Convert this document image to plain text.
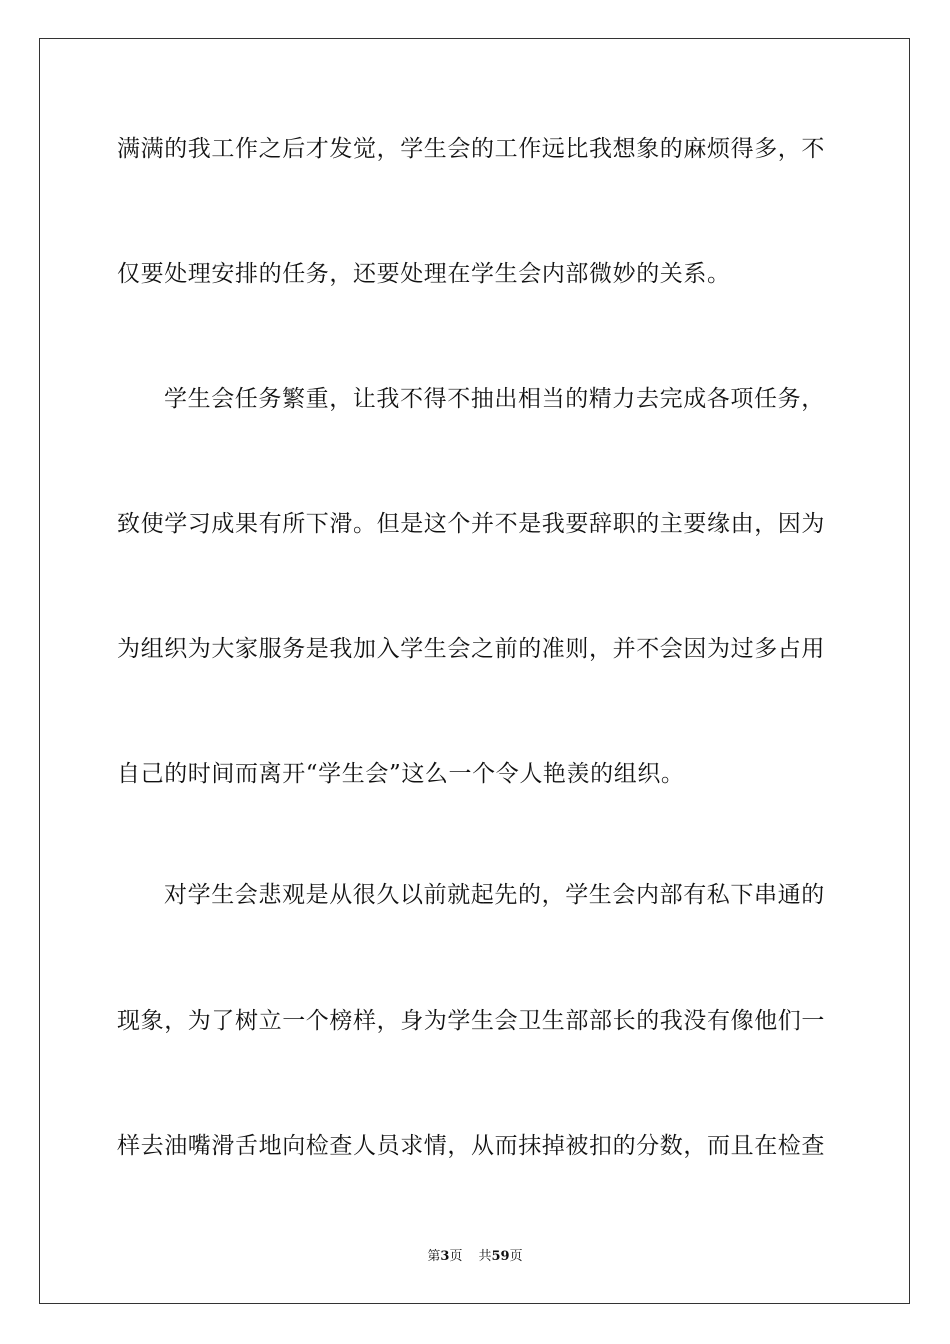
满满的我工作之后才发觉，学生会的工作远比我想象的麻烦得多，不
仅要处理安排的任务，还要处理在学生会内部微妙的关系。
学生会任务繁重，让我不得不抽出相当的精力去完成各项任务，
致使学习成果有所下滑。但是这个并不是我要辞职的主要缘由，因为
为组织为大家服务是我加入学生会之前的准则，并不会因为过多占用
自己的时间而离开“学生会”这么一个令人艳羡的组织。
对学生会悲观是从很久以前就起先的，学生会内部有私下串通的
现象，为了树立一个榜样，身为学生会卫生部部长的我没有像他们一
样去油嘴滑舌地向检查人员求情，从而抹掉被扣的分数，而且在检查
第3页 共59页
